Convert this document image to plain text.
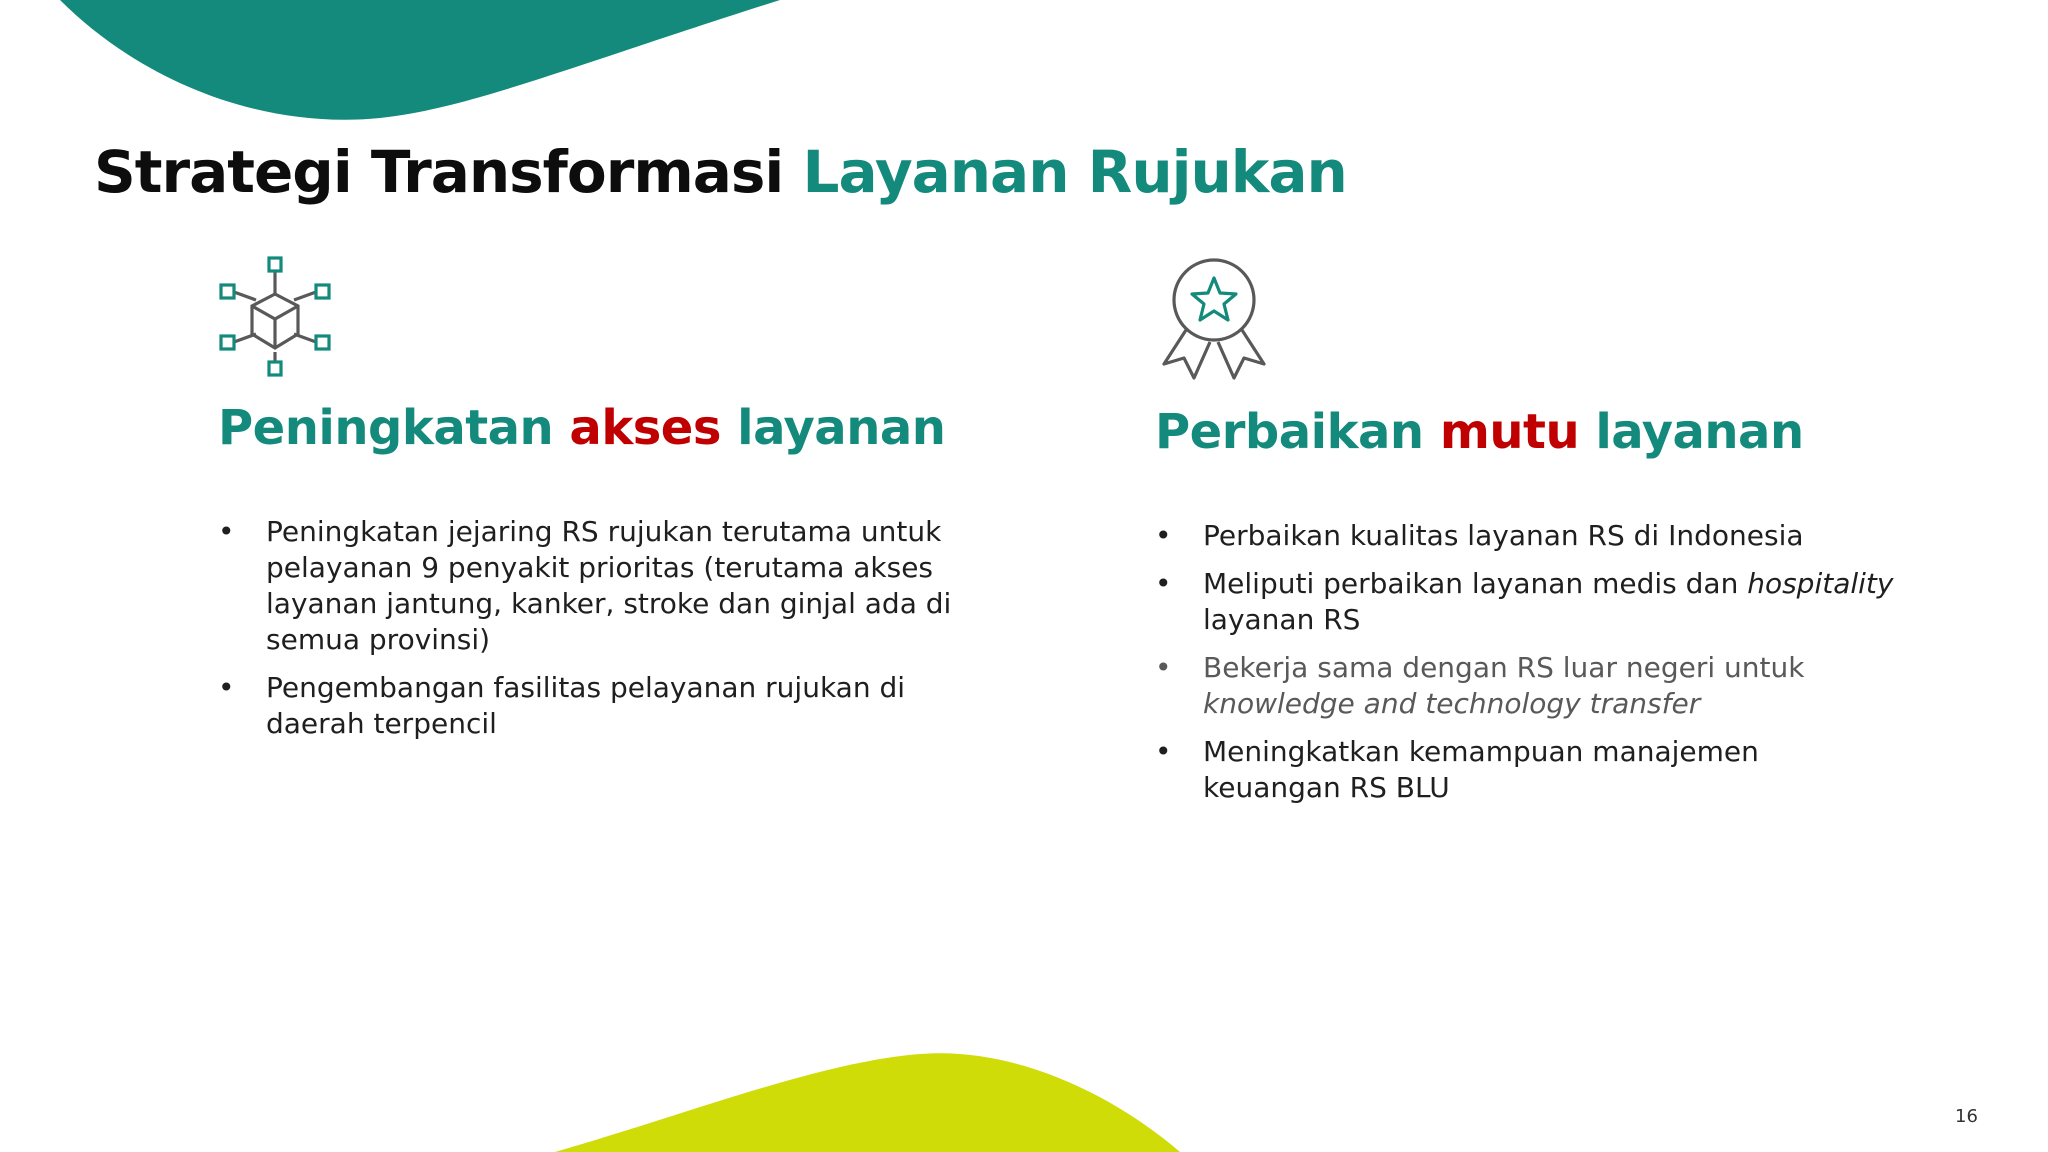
Strategi Transformasi Layanan Rujukan
Peningkatan akses layanan
• Peningkatan jejaring RS rujukan terutama untuk pelayanan 9 penyakit prioritas (terutama akses layanan jantung, kanker, stroke dan ginjal ada di semua provinsi)
• Pengembangan fasilitas pelayanan rujukan di daerah terpencil
Perbaikan mutu layanan
• Perbaikan kualitas layanan RS di Indonesia
• Meliputi perbaikan layanan medis dan hospitality layanan RS
• Bekerja sama dengan RS luar negeri untuk knowledge and technology transfer
• Meningkatkan kemampuan manajemen keuangan RS BLU
16
